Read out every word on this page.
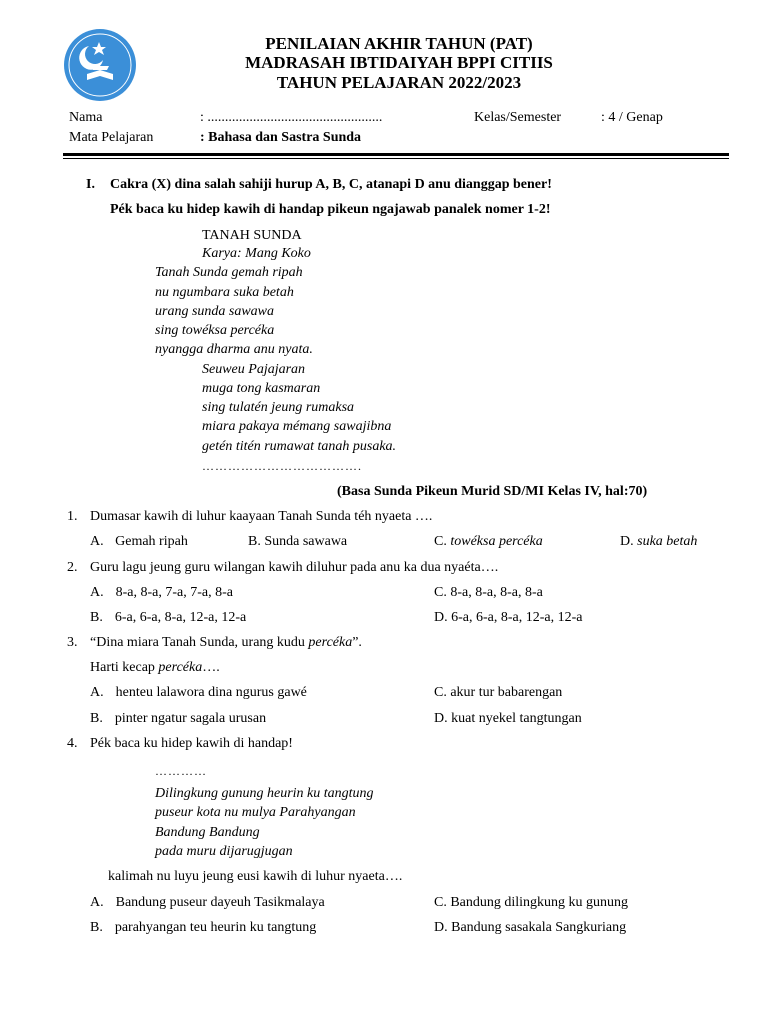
PENILAIAN AKHIR TAHUN (PAT)
MADRASAH IBTIDAIYAH BPPI CITIIS
TAHUN PELAJARAN 2022/2023
Nama	: ..................................................	Kelas/Semester	: 4 / Genap
Mata Pelajaran	: Bahasa dan Sastra Sunda
I. Cakra (X) dina salah sahiji hurup A, B, C, atanapi D anu dianggap bener!
Pék baca ku hidep kawih di handap pikeun ngajawab panalek nomer 1-2!
TANAH SUNDA
Karya: Mang Koko
Tanah Sunda gemah ripah
nu ngumbara suka betah
urang sunda sawawa
sing towéksa percéka
nyangga dharma anu nyata.
Seuweu Pajajaran
muga tong kasmaran
sing tulatén jeung rumaksa
miara pakaya mémang sawajibna
getén titén rumawat tanah pusaka.
……………………………….
(Basa Sunda Pikeun Murid SD/MI Kelas IV, hal:70)
1. Dumasar kawih di luhur kaayaan Tanah Sunda téh nyaeta ….
A. Gemah ripah	B. Sunda sawawa	C. towéksa percéka	D. suka betah
2. Guru lagu jeung guru wilangan kawih diluhur pada anu ka dua nyaéta….
A. 8-a, 8-a, 7-a, 7-a, 8-a	C. 8-a, 8-a, 8-a, 8-a
B. 6-a, 6-a, 8-a, 12-a, 12-a	D. 6-a, 6-a, 8-a, 12-a, 12-a
3. “Dina miara Tanah Sunda, urang kudu percéka”.
Harti kecap percéka….
A. henteu lalawora dina ngurus gawé	C. akur tur babarengan
B. pinter ngatur sagala urusan	D. kuat nyekel tangtungan
4. Pék baca ku hidep kawih di handap!
…………
Dilingkung gunung heurin ku tangtung
puseur kota nu mulya Parahyangan
Bandung Bandung
pada muru dijarugjugan
kalimah nu luyu jeung eusi kawih di luhur nyaeta….
A. Bandung puseur dayeuh Tasikmalaya	C. Bandung dilingkung ku gunung
B. parahyangan teu heurin ku tangtung	D. Bandung sasakala Sangkuriang
